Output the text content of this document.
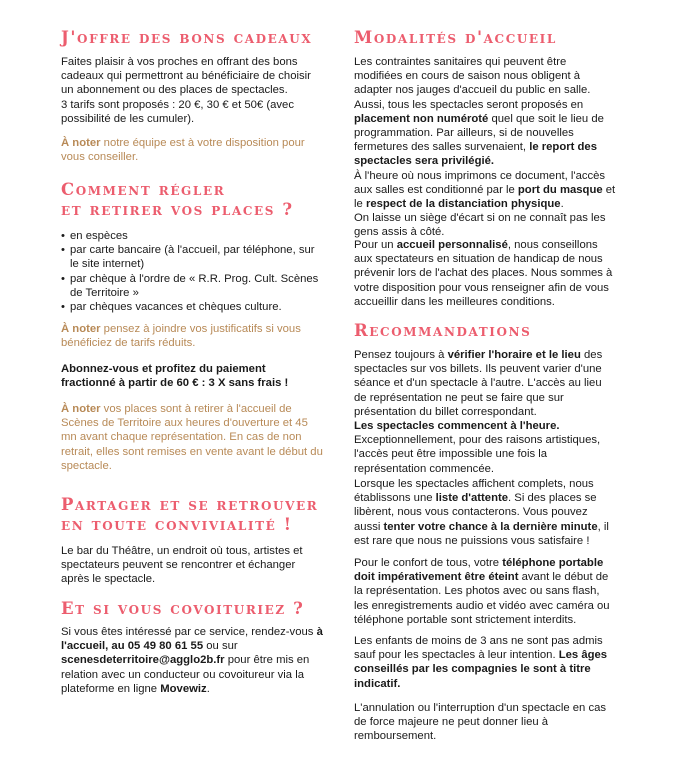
J'offre des bons cadeaux

Faites plaisir à vos proches en offrant des bons cadeaux qui permettront au bénéficiaire de choisir un abonnement ou des places de spectacles.
3 tarifs sont proposés : 20 €, 30 € et 50€ (avec possibilité de les cumuler).

À noter notre équipe est à votre disposition pour vous conseiller.

Comment régler
et retirer vos places ?
• en espèces
• par carte bancaire (à l'accueil, par téléphone, sur le site internet)
• par chèque à l'ordre de « R.R. Prog. Cult. Scènes de Territoire »
• par chèques vacances et chèques culture.

À noter pensez à joindre vos justificatifs si vous bénéficiez de tarifs réduits.

Abonnez-vous et profitez du paiement fractionné à partir de 60 € : 3 X sans frais !

À noter vos places sont à retirer à l'accueil de Scènes de Territoire aux heures d'ouverture et 45 mn avant chaque représentation. En cas de non retrait, elles sont remises en vente avant le début du spectacle.

Partager et se retrouver
en toute convivialité !

Le bar du Théâtre, un endroit où tous, artistes et spectateurs peuvent se rencontrer et échanger après le spectacle.

Et si vous covoituriez ?

Si vous êtes intéressé par ce service, rendez-vous à l'accueil, au 05 49 80 61 55 ou sur scenesdeterritoire@agglo2b.fr pour être mis en relation avec un conducteur ou covoitureur via la plateforme en ligne Movewiz.

Modalités d'accueil

Les contraintes sanitaires qui peuvent être modifiées en cours de saison nous obligent à adapter nos jauges d'accueil du public en salle. Aussi, tous les spectacles seront proposés en placement non numéroté quel que soit le lieu de programmation. Par ailleurs, si de nouvelles fermetures des salles survenaient, le report des spectacles sera privilégié.
À l'heure où nous imprimons ce document, l'accès aux salles est conditionné par le port du masque et le respect de la distanciation physique.
On laisse un siège d'écart si on ne connaît pas les gens assis à côté.

Pour un accueil personnalisé, nous conseillons aux spectateurs en situation de handicap de nous prévenir lors de l'achat des places. Nous sommes à votre disposition pour vous renseigner afin de vous accueillir dans les meilleures conditions.

Recommandations

Pensez toujours à vérifier l'horaire et le lieu des spectacles sur vos billets. Ils peuvent varier d'une séance et d'un spectacle à l'autre. L'accès au lieu de représentation ne peut se faire que sur présentation du billet correspondant.
Les spectacles commencent à l'heure.
Exceptionnellement, pour des raisons artistiques, l'accès peut être impossible une fois la représentation commencée.

Lorsque les spectacles affichent complets, nous établissons une liste d'attente. Si des places se libèrent, nous vous contacterons. Vous pouvez aussi tenter votre chance à la dernière minute, il est rare que nous ne puissions vous satisfaire !

Pour le confort de tous, votre téléphone portable doit impérativement être éteint avant le début de la représentation. Les photos avec ou sans flash, les enregistrements audio et vidéo avec caméra ou téléphone portable sont strictement interdits.

Les enfants de moins de 3 ans ne sont pas admis sauf pour les spectacles à leur intention. Les âges conseillés par les compagnies le sont à titre indicatif.

L'annulation ou l'interruption d'un spectacle en cas de force majeure ne peut donner lieu à remboursement.
